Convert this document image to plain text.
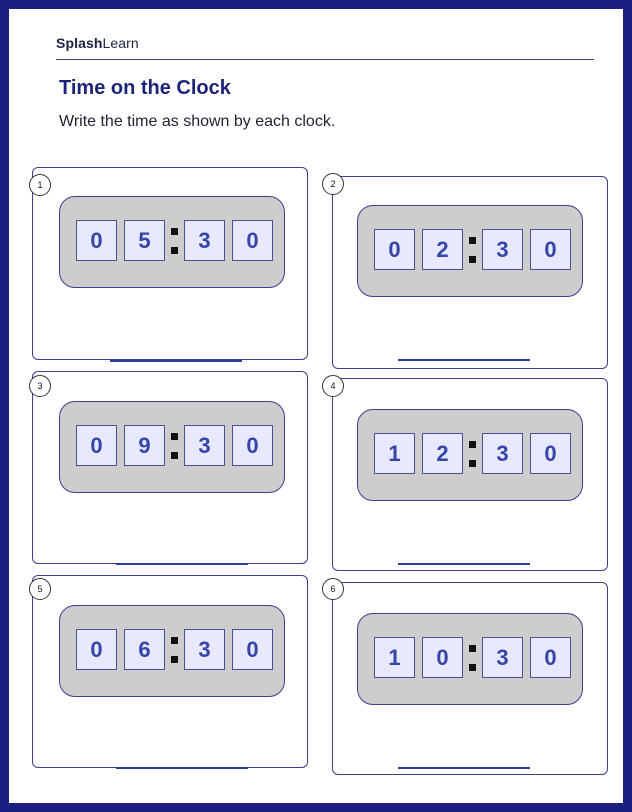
SplashLearn
Time on the Clock
Write the time as shown by each clock.
0	5	3	0
1
0	2	3	0
2
0	9	3	0
3
1	2	3	0
4
0	6	3	0
5
1	0	3	0
6
